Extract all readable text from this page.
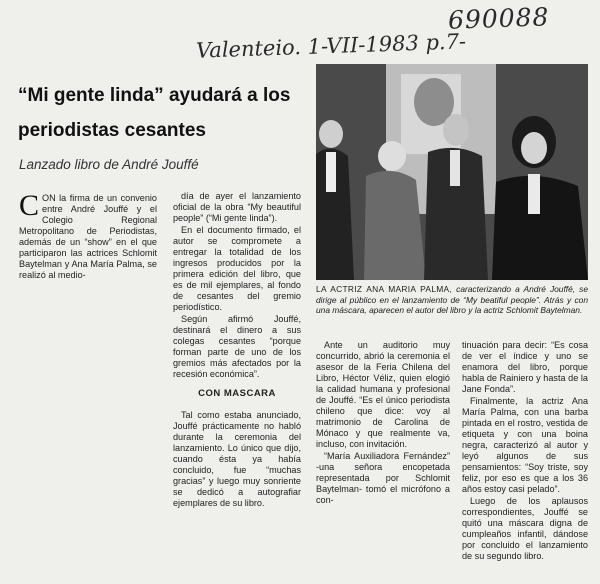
690088
Valenteio. 1-VII-1983 p.7-
“Mi gente linda” ayudará a los periodistas cesantes
Lanzado libro de André Jouffé

CON la firma de un convenio entre André Jouffé y el Colegio Regional Metropolitano de Periodistas, además de un “show” en el que participaron las actrices Schlomit Baytelman y Ana María Palma, se realizó al medio-

día de ayer el lanzamiento oficial de la obra “My beautiful people” (“Mi gente linda”).

En el documento firmado, el autor se compromete a entregar la totalidad de los ingresos producidos por la primera edición del libro, que es de mil ejemplares, al fondo de cesantes del gremio periodístico.

Según afirmó Jouffé, destinará el dinero a sus colegas cesantes “porque forman parte de uno de los gremios más afectados por la recesión económica”.

CON MASCARA

Tal como estaba anunciado, Jouffé prácticamente no habló durante la ceremonia del lanzamiento. Lo único que dijo, cuando ésta ya había concluido, fue “muchas gracias” y luego muy sonriente se dedicó a autografiar ejemplares de su libro.

LA ACTRIZ ANA MARIA PALMA, caracterizando a André Jouffé, se dirige al público en el lanzamiento de “My beatiful people”. Atrás y con una máscara, aparecen el autor del libro y la actriz Schlomit Baytelman.

Ante un auditorio muy concurrido, abrió la ceremonia el asesor de la Feria Chilena del Libro, Héctor Véliz, quien elogió la calidad humana y profesional de Jouffé. “Es el único periodista chileno que dice: voy al matrimonio de Carolina de Mónaco y que realmente va, incluso, con invitación.

“María Auxiliadora Fernández” -una señora encopetada representada por Schlomit Baytelman- tomó el micrófono a con-

tinuación para decir: “Es cosa de ver el índice y uno se enamora del libro, porque habla de Rainiero y hasta de la Jane Fonda”.

Finalmente, la actriz Ana María Palma, con una barba pintada en el rostro, vestida de etiqueta y con una boina negra, caracterizó al autor y leyó algunos de sus pensamientos: “Soy triste, soy feliz, por eso es que a los 36 años estoy casi pelado”.

Luego de los aplausos correspondientes, Jouffé se quitó una máscara digna de cumpleaños infantil, dándose por concluido el lanzamiento de su segundo libro.
